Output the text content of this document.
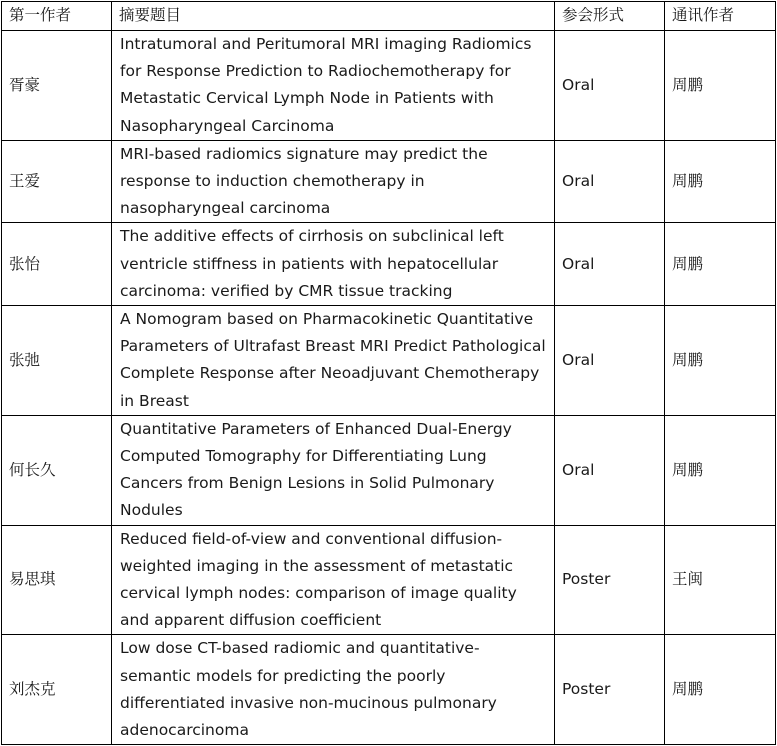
第一作者	摘要题目	参会形式	通讯作者
胥豪	Intratumoral and Peritumoral MRI imaging Radiomics for Response Prediction to Radiochemotherapy for Metastatic Cervical Lymph Node in Patients with Nasopharyngeal Carcinoma	Oral	周鹏
王爱	MRI-based radiomics signature may predict the response to induction chemotherapy in nasopharyngeal carcinoma	Oral	周鹏
张怡	The additive effects of cirrhosis on subclinical left ventricle stiffness in patients with hepatocellular carcinoma: verified by CMR tissue tracking	Oral	周鹏
张弛	A Nomogram based on Pharmacokinetic Quantitative Parameters of Ultrafast Breast MRI Predict Pathological Complete Response after Neoadjuvant Chemotherapy in Breast	Oral	周鹏
何长久	Quantitative Parameters of Enhanced Dual-Energy Computed Tomography for Differentiating Lung Cancers from Benign Lesions in Solid Pulmonary Nodules	Oral	周鹏
易思琪	Reduced field-of-view and conventional diffusion-weighted imaging in the assessment of metastatic cervical lymph nodes: comparison of image quality and apparent diffusion coefficient	Poster	王闽
刘杰克	Low dose CT-based radiomic and quantitative-semantic models for predicting the poorly differentiated invasive non-mucinous pulmonary adenocarcinoma	Poster	周鹏
